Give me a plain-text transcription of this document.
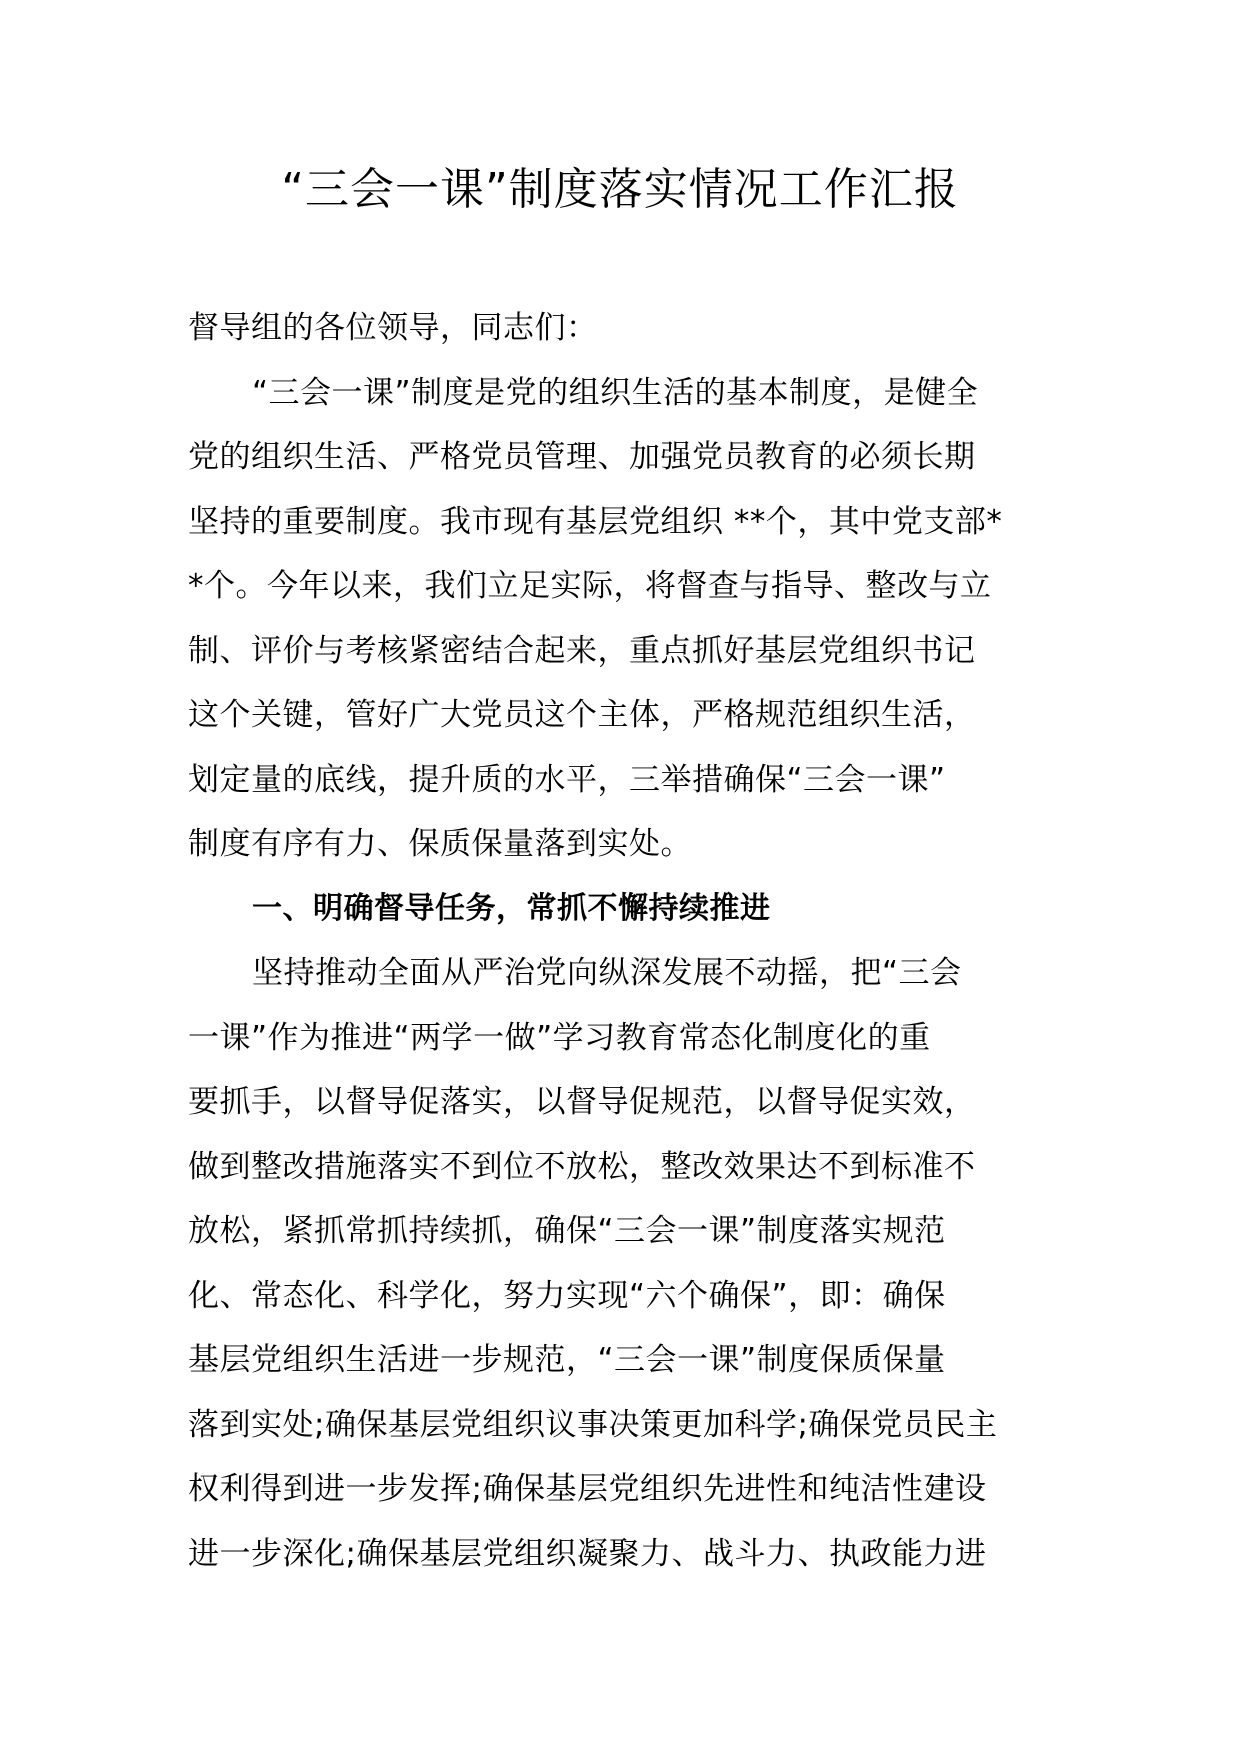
“三会一课”制度落实情况工作汇报
督导组的各位领导，同志们：
“三会一课”制度是党的组织生活的基本制度，是健全
党的组织生活、严格党员管理、加强党员教育的必须长期
坚持的重要制度。我市现有基层党组织 **个，其中党支部*
*个。今年以来，我们立足实际，将督查与指导、整改与立
制、评价与考核紧密结合起来，重点抓好基层党组织书记
这个关键，管好广大党员这个主体，严格规范组织生活，
划定量的底线，提升质的水平，三举措确保“三会一课”
制度有序有力、保质保量落到实处。
一、明确督导任务，常抓不懈持续推进
坚持推动全面从严治党向纵深发展不动摇，把“三会
一课”作为推进“两学一做”学习教育常态化制度化的重
要抓手，以督导促落实，以督导促规范，以督导促实效，
做到整改措施落实不到位不放松，整改效果达不到标准不
放松，紧抓常抓持续抓，确保“三会一课”制度落实规范
化、常态化、科学化，努力实现“六个确保”，即：确保
基层党组织生活进一步规范，“三会一课”制度保质保量
落到实处;确保基层党组织议事决策更加科学;确保党员民主
权利得到进一步发挥;确保基层党组织先进性和纯洁性建设
进一步深化;确保基层党组织凝聚力、战斗力、执政能力进
